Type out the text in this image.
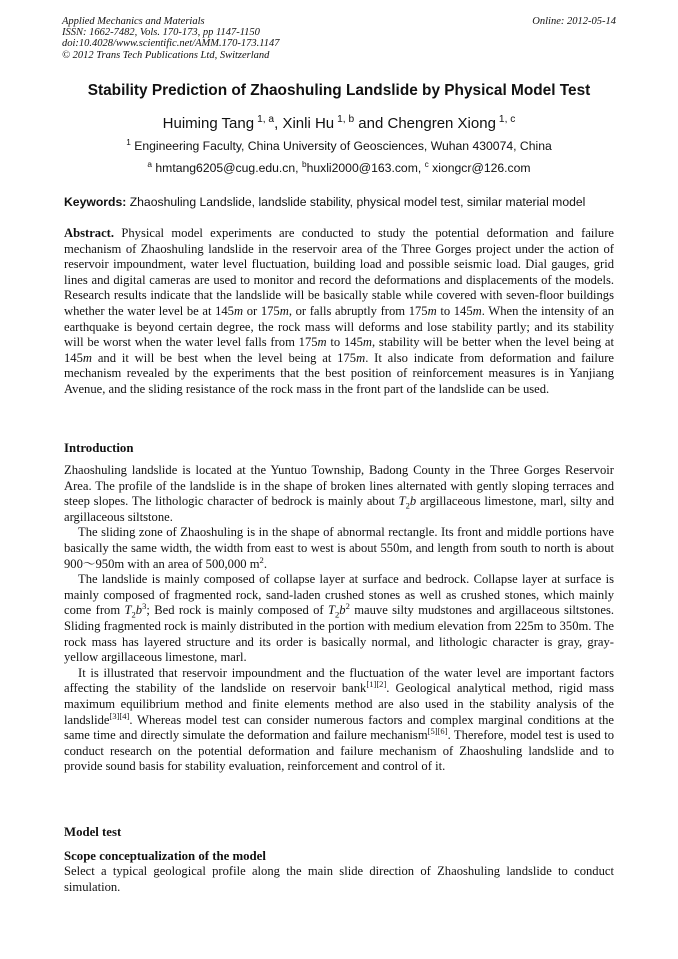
Applied Mechanics and Materials
ISSN: 1662-7482, Vols. 170-173, pp 1147-1150
doi:10.4028/www.scientific.net/AMM.170-173.1147
© 2012 Trans Tech Publications Ltd, Switzerland
Online: 2012-05-14
Stability Prediction of Zhaoshuling Landslide by Physical Model Test
Huiming Tang $^{1, a}$, Xinli Hu $^{1, b}$ and Chengren Xiong $^{1, c}$
$^1$ Engineering Faculty, China University of Geosciences, Wuhan 430074, China
$^a$ hmtang6205@cug.edu.cn, $^b$huxli2000@163.com, $^c$ xiongcr@126.com
Keywords: Zhaoshuling Landslide, landslide stability, physical model test, similar material model

Abstract. Physical model experiments are conducted to study the potential deformation and failure mechanism of Zhaoshuling landslide in the reservoir area of the Three Gorges project under the action of reservoir impoundment, water level fluctuation, building load and possible seismic load. Dial gauges, grid lines and digital cameras are used to monitor and record the deformations and displacements of the models. Research results indicate that the landslide will be basically stable while covered with seven-floor buildings whether the water level be at 145m or 175m, or falls abruptly from 175m to 145m. When the intensity of an earthquake is beyond certain degree, the rock mass will deforms and lose stability partly; and its stability will be worst when the water level falls from 175m to 145m, stability will be better when the level being at 145m and it will be best when the level being at 175m. It also indicate from deformation and failure mechanism revealed by the experiments that the best position of reinforcement measures is in Yanjiang Avenue, and the sliding resistance of the rock mass in the front part of the landslide can be used.

Introduction

Zhaoshuling landslide is located at the Yuntuo Township, Badong County in the Three Gorges Reservoir Area. The profile of the landslide is in the shape of broken lines alternated with gently sloping terraces and steep slopes. The lithologic character of bedrock is mainly about $T_2b$ argillaceous limestone, marl, silty and argillaceous siltstone.

The sliding zone of Zhaoshuling is in the shape of abnormal rectangle. Its front and middle portions have basically the same width, the width from east to west is about 550m, and length from south to north is about 900～950m with an area of 500,000 $m^2$.

The landslide is mainly composed of collapse layer at surface and bedrock. Collapse layer at surface is mainly composed of fragmented rock, sand-laden crushed stones as well as crushed stones, which mainly come from $T_2b^3$; Bed rock is mainly composed of $T_2b^2$ mauve silty mudstones and argillaceous siltstones. Sliding fragmented rock is mainly distributed in the portion with medium elevation from 225m to 350m. The rock mass has layered structure and its order is basically normal, and lithologic character is gray, gray-yellow argillaceous limestone, marl.

It is illustrated that reservoir impoundment and the fluctuation of the water level are important factors affecting the stability of the landslide on reservoir bank[1][2]. Geological analytical method, rigid mass maximum equilibrium method and finite elements method are also used in the stability analysis of the landslide[3][4]. Whereas model test can consider numerous factors and complex marginal conditions at the same time and directly simulate the deformation and failure mechanism[5][6]. Therefore, model test is used to conduct research on the potential deformation and failure mechanism of Zhaoshuling landslide and to provide sound basis for stability evaluation, reinforcement and control of it.

Model test
Scope conceptualization of the model

Select a typical geological profile along the main slide direction of Zhaoshuling landslide to conduct simulation.
